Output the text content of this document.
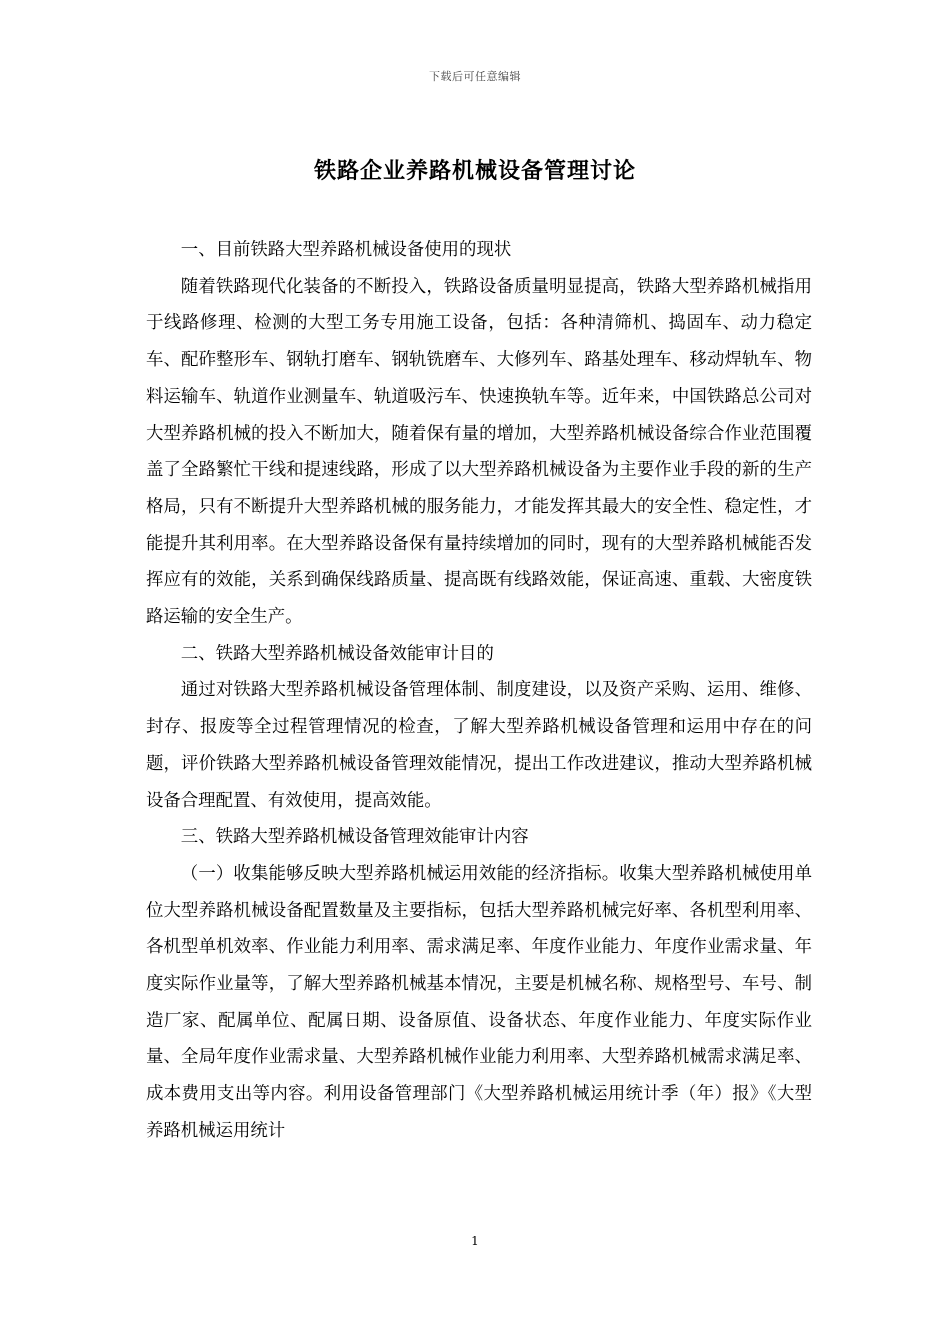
下载后可任意编辑
铁路企业养路机械设备管理讨论

一、目前铁路大型养路机械设备使用的现状

随着铁路现代化装备的不断投入，铁路设备质量明显提高，铁路大型养路机械指用于线路修理、检测的大型工务专用施工设备，包括：各种清筛机、捣固车、动力稳定车、配砟整形车、钢轨打磨车、钢轨铣磨车、大修列车、路基处理车、移动焊轨车、物料运输车、轨道作业测量车、轨道吸污车、快速换轨车等。近年来，中国铁路总公司对大型养路机械的投入不断加大，随着保有量的增加，大型养路机械设备综合作业范围覆盖了全路繁忙干线和提速线路，形成了以大型养路机械设备为主要作业手段的新的生产格局，只有不断提升大型养路机械的服务能力，才能发挥其最大的安全性、稳定性，才能提升其利用率。在大型养路设备保有量持续增加的同时，现有的大型养路机械能否发挥应有的效能，关系到确保线路质量、提高既有线路效能，保证高速、重载、大密度铁路运输的安全生产。

二、铁路大型养路机械设备效能审计目的

通过对铁路大型养路机械设备管理体制、制度建设，以及资产采购、运用、维修、封存、报废等全过程管理情况的检查，了解大型养路机械设备管理和运用中存在的问题，评价铁路大型养路机械设备管理效能情况，提出工作改进建议，推动大型养路机械设备合理配置、有效使用，提高效能。

三、铁路大型养路机械设备管理效能审计内容

（一）收集能够反映大型养路机械运用效能的经济指标。收集大型养路机械使用单位大型养路机械设备配置数量及主要指标，包括大型养路机械完好率、各机型利用率、各机型单机效率、作业能力利用率、需求满足率、年度作业能力、年度作业需求量、年度实际作业量等，了解大型养路机械基本情况，主要是机械名称、规格型号、车号、制造厂家、配属单位、配属日期、设备原值、设备状态、年度作业能力、年度实际作业量、全局年度作业需求量、大型养路机械作业能力利用率、大型养路机械需求满足率、成本费用支出等内容。利用设备管理部门《大型养路机械运用统计季（年）报》《大型养路机械运用统计

1
